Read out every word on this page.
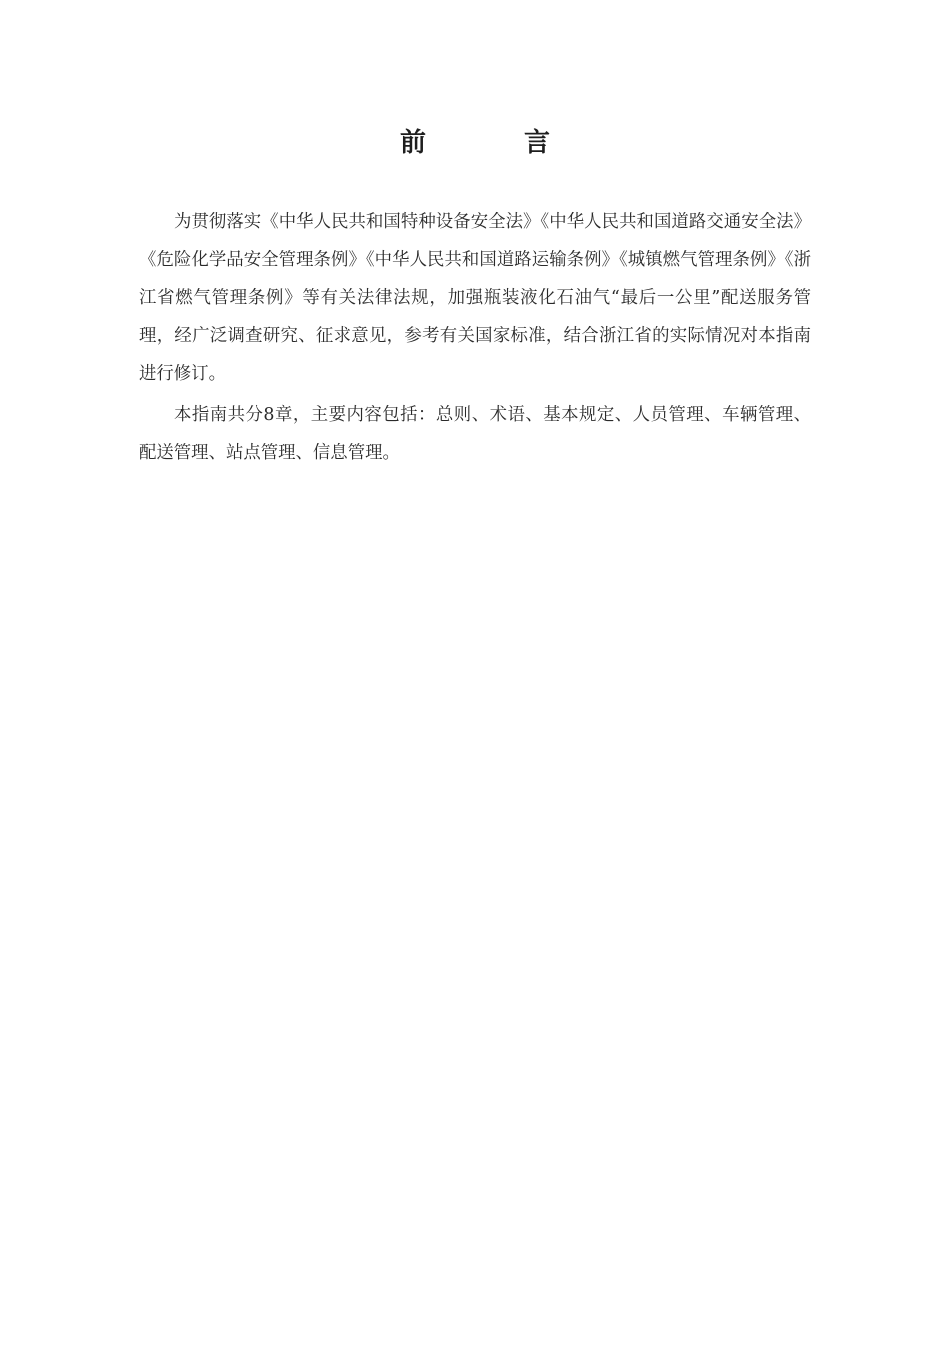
前　言

为贯彻落实《中华人民共和国特种设备安全法》《中华人民共和国道路交通安全法》《危险化学品安全管理条例》《中华人民共和国道路运输条例》《城镇燃气管理条例》《浙江省燃气管理条例》等有关法律法规，加强瓶装液化石油气“最后一公里”配送服务管理，经广泛调查研究、征求意见，参考有关国家标准，结合浙江省的实际情况对本指南进行修订。

本指南共分8章，主要内容包括：总则、术语、基本规定、人员管理、车辆管理、配送管理、站点管理、信息管理。
